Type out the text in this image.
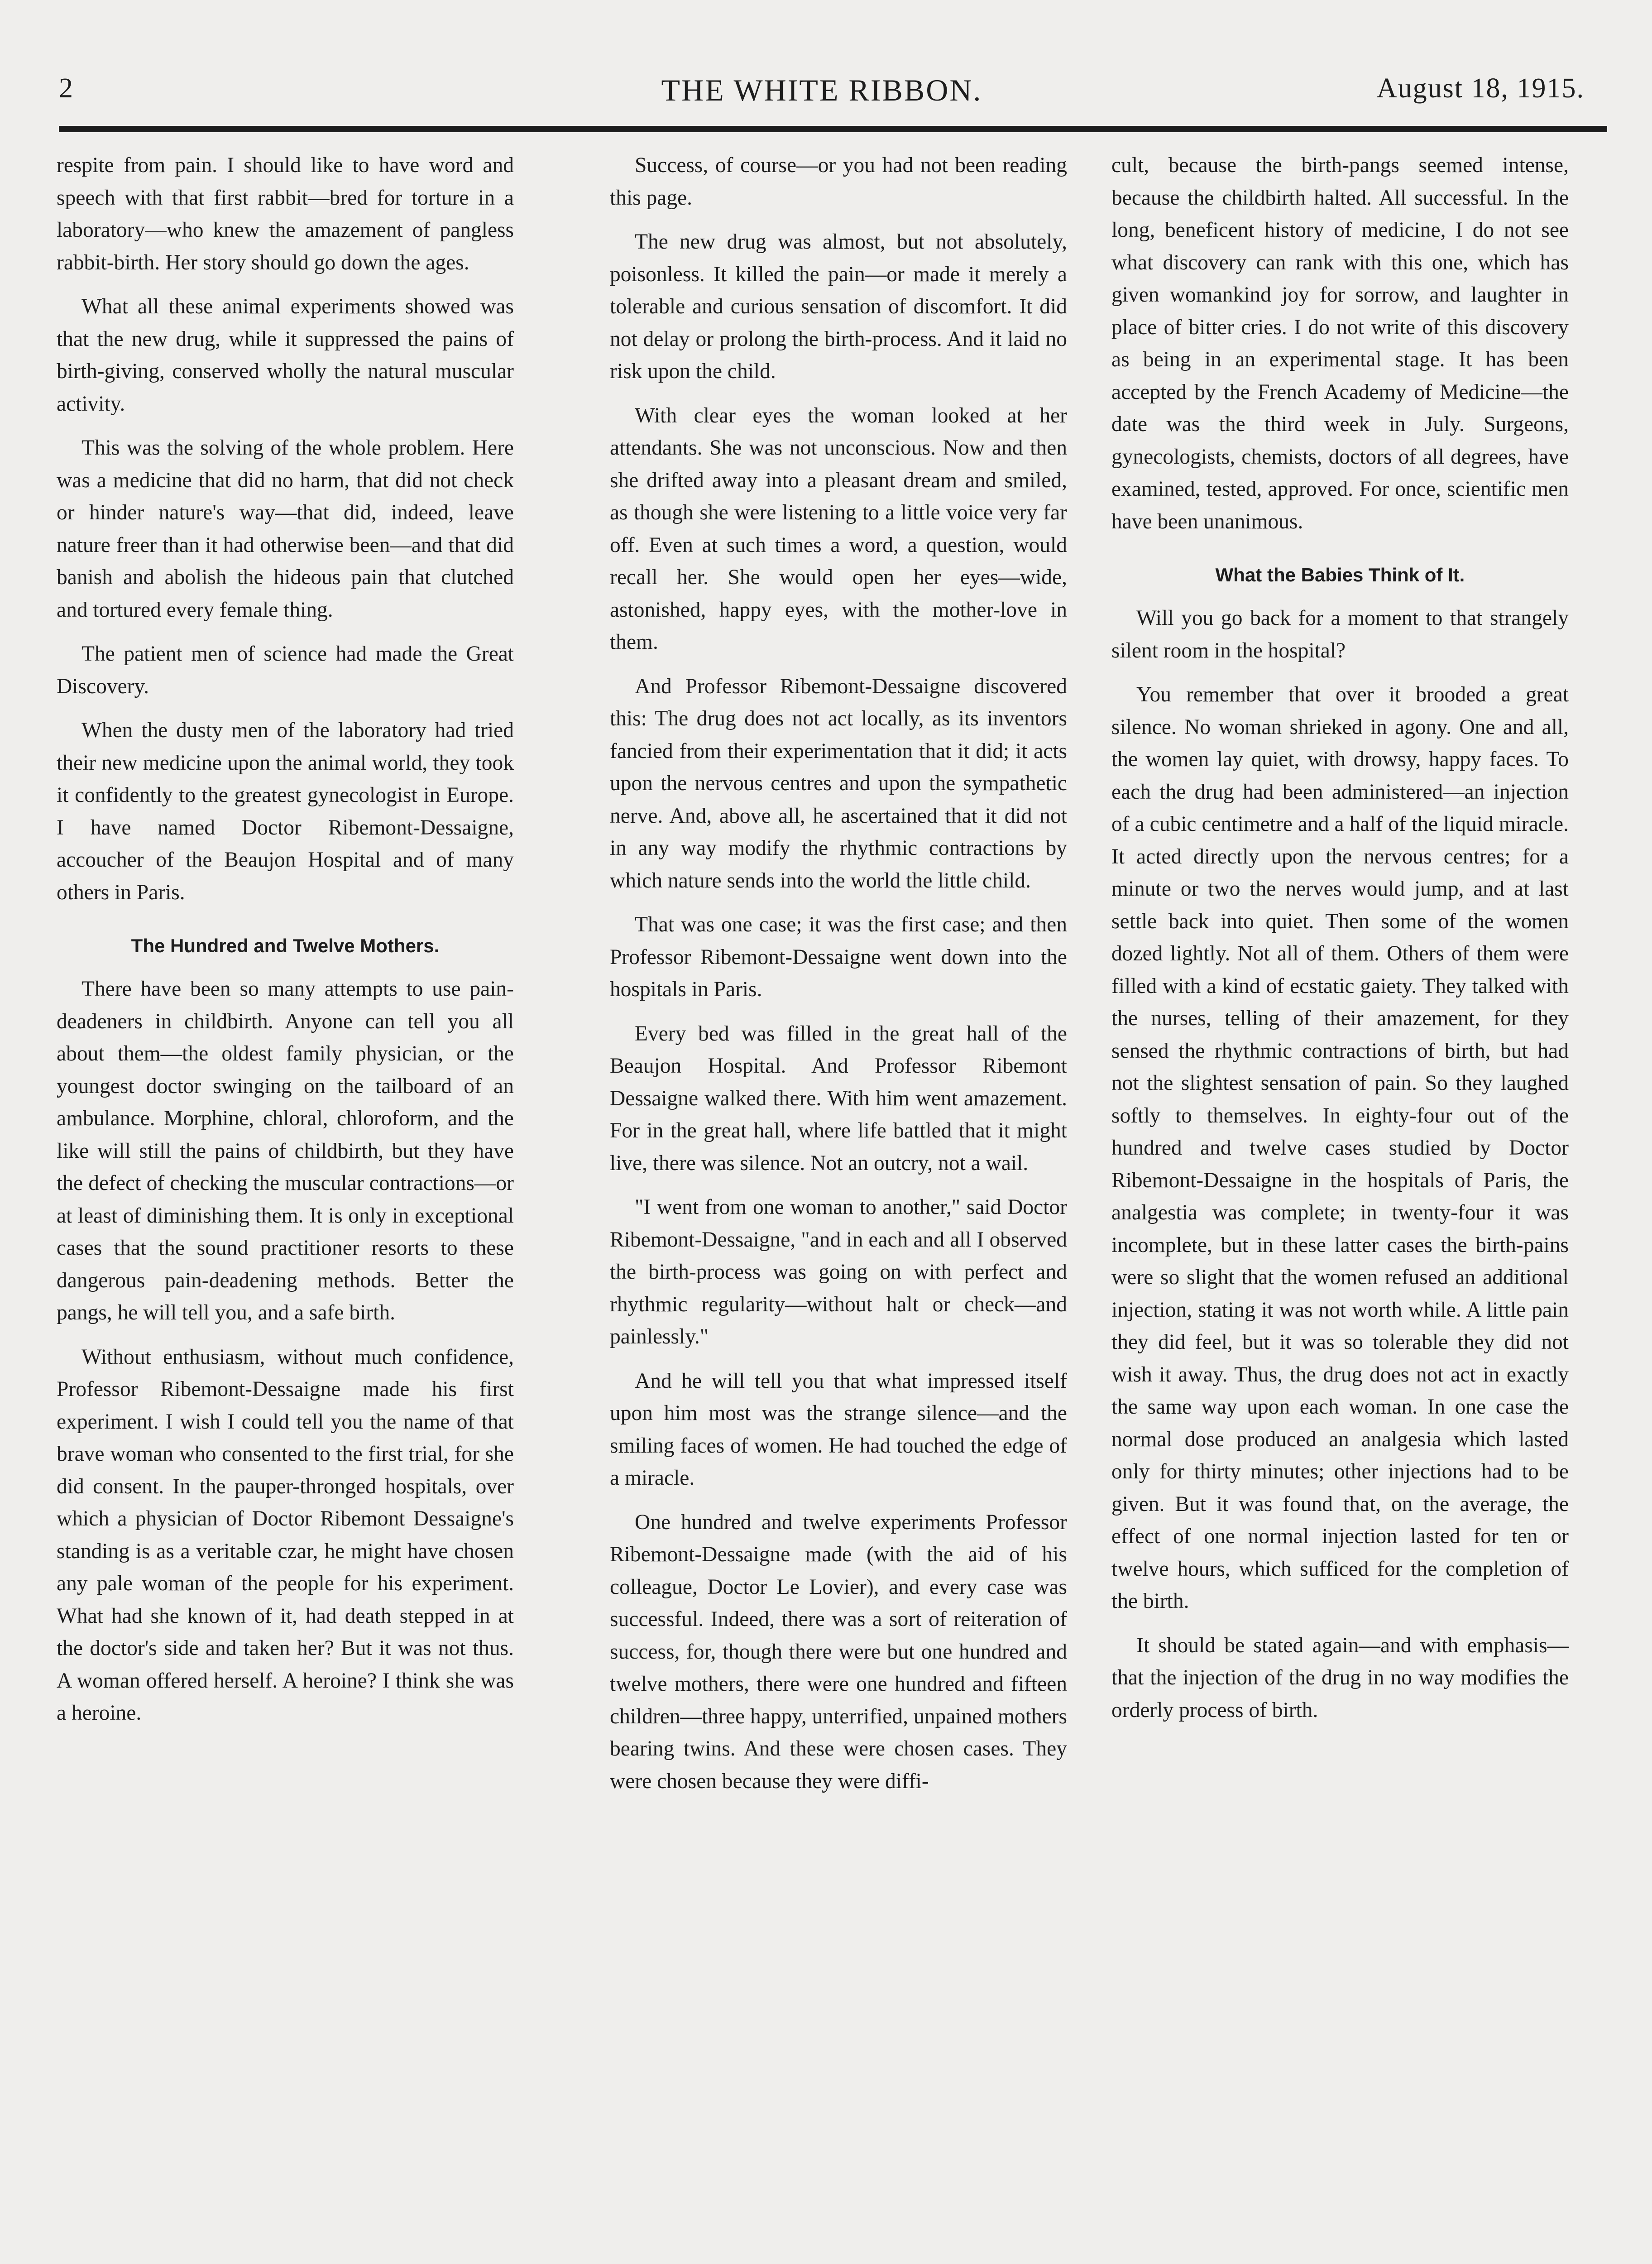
2	THE WHITE RIBBON.	August 18, 1915.

respite from pain. I should like to have word and speech with that first rabbit—bred for torture in a laboratory—who knew the amazement of pangless rabbit-birth. Her story should go down the ages.

What all these animal experiments showed was that the new drug, while it suppressed the pains of birth-giving, conserved wholly the natural muscular activity.

This was the solving of the whole problem. Here was a medicine that did no harm, that did not check or hinder nature's way—that did, indeed, leave nature freer than it had otherwise been—and that did banish and abolish the hideous pain that clutched and tortured every female thing.

The patient men of science had made the Great Discovery.

When the dusty men of the laboratory had tried their new medicine upon the animal world, they took it confidently to the greatest gynecologist in Europe. I have named Doctor Ribemont-Dessaigne, accoucher of the Beaujon Hospital and of many others in Paris.

The Hundred and Twelve Mothers.

There have been so many attempts to use pain-deadeners in childbirth. Anyone can tell you all about them—the oldest family physician, or the youngest doctor swinging on the tailboard of an ambulance. Morphine, chloral, chloroform, and the like will still the pains of childbirth, but they have the defect of checking the muscular contractions—or at least of diminishing them. It is only in exceptional cases that the sound practitioner resorts to these dangerous pain-deadening methods. Better the pangs, he will tell you, and a safe birth.

Without enthusiasm, without much confidence, Professor Ribemont-Dessaigne made his first experiment. I wish I could tell you the name of that brave woman who consented to the first trial, for she did consent. In the pauper-thronged hospitals, over which a physician of Doctor Ribemont Dessaigne's standing is as a veritable czar, he might have chosen any pale woman of the people for his experiment. What had she known of it, had death stepped in at the doctor's side and taken her? But it was not thus. A woman offered herself. A heroine? I think she was a heroine.

Success, of course—or you had not been reading this page.

The new drug was almost, but not absolutely, poisonless. It killed the pain—or made it merely a tolerable and curious sensation of discomfort. It did not delay or prolong the birth-process. And it laid no risk upon the child.

With clear eyes the woman looked at her attendants. She was not unconscious. Now and then she drifted away into a pleasant dream and smiled, as though she were listening to a little voice very far off. Even at such times a word, a question, would recall her. She would open her eyes—wide, astonished, happy eyes, with the mother-love in them.

And Professor Ribemont-Dessaigne discovered this: The drug does not act locally, as its inventors fancied from their experimentation that it did; it acts upon the nervous centres and upon the sympathetic nerve. And, above all, he ascertained that it did not in any way modify the rhythmic contractions by which nature sends into the world the little child.

That was one case; it was the first case; and then Professor Ribemont-Dessaigne went down into the hospitals in Paris.

Every bed was filled in the great hall of the Beaujon Hospital. And Professor Ribemont Dessaigne walked there. With him went amazement. For in the great hall, where life battled that it might live, there was silence. Not an outcry, not a wail.

"I went from one woman to another," said Doctor Ribemont-Dessaigne, "and in each and all I observed the birth-process was going on with perfect and rhythmic regularity—without halt or check—and painlessly."

And he will tell you that what impressed itself upon him most was the strange silence—and the smiling faces of women. He had touched the edge of a miracle.

One hundred and twelve experiments Professor Ribemont-Dessaigne made (with the aid of his colleague, Doctor Le Lovier), and every case was successful. Indeed, there was a sort of reiteration of success, for, though there were but one hundred and twelve mothers, there were one hundred and fifteen children—three happy, unterrified, unpained mothers bearing twins. And these were chosen cases. They were chosen because they were diffi-

cult, because the birth-pangs seemed intense, because the childbirth halted. All successful. In the long, beneficent history of medicine, I do not see what discovery can rank with this one, which has given womankind joy for sorrow, and laughter in place of bitter cries. I do not write of this discovery as being in an experimental stage. It has been accepted by the French Academy of Medicine—the date was the third week in July. Surgeons, gynecologists, chemists, doctors of all degrees, have examined, tested, approved. For once, scientific men have been unanimous.

What the Babies Think of It.

Will you go back for a moment to that strangely silent room in the hospital?

You remember that over it brooded a great silence. No woman shrieked in agony. One and all, the women lay quiet, with drowsy, happy faces. To each the drug had been administered—an injection of a cubic centimetre and a half of the liquid miracle. It acted directly upon the nervous centres; for a minute or two the nerves would jump, and at last settle back into quiet. Then some of the women dozed lightly. Not all of them. Others of them were filled with a kind of ecstatic gaiety. They talked with the nurses, telling of their amazement, for they sensed the rhythmic contractions of birth, but had not the slightest sensation of pain. So they laughed softly to themselves. In eighty-four out of the hundred and twelve cases studied by Doctor Ribemont-Dessaigne in the hospitals of Paris, the analgestia was complete; in twenty-four it was incomplete, but in these latter cases the birth-pains were so slight that the women refused an additional injection, stating it was not worth while. A little pain they did feel, but it was so tolerable they did not wish it away. Thus, the drug does not act in exactly the same way upon each woman. In one case the normal dose produced an analgesia which lasted only for thirty minutes; other injections had to be given. But it was found that, on the average, the effect of one normal injection lasted for ten or twelve hours, which sufficed for the completion of the birth.

It should be stated again—and with emphasis—that the injection of the drug in no way modifies the orderly process of birth.
